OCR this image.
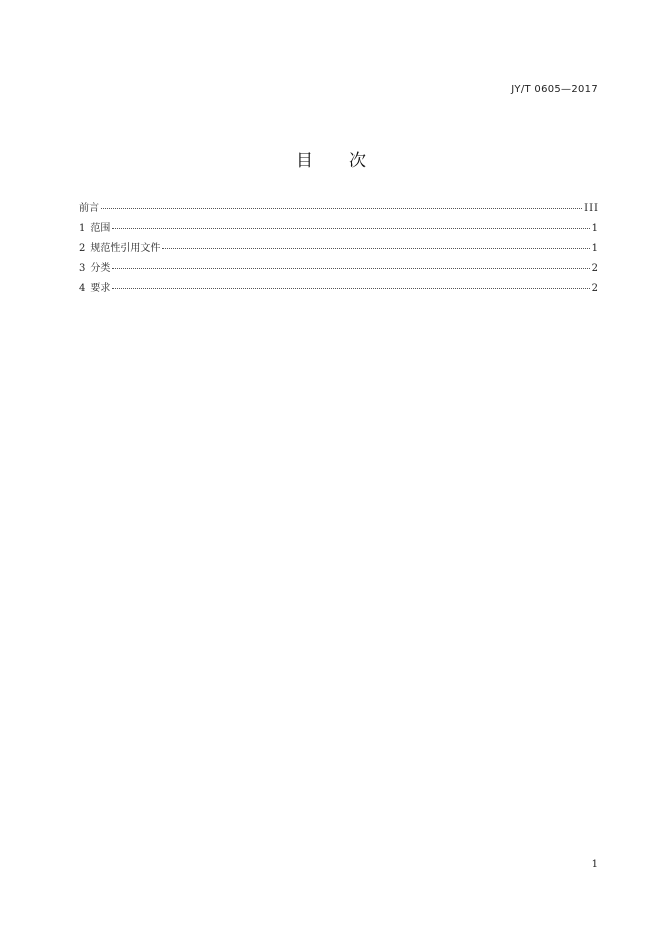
JY/T 0605—2017
目 次
前言	III
1 范围	1
2 规范性引用文件	1
3 分类	2
4 要求	2
1
